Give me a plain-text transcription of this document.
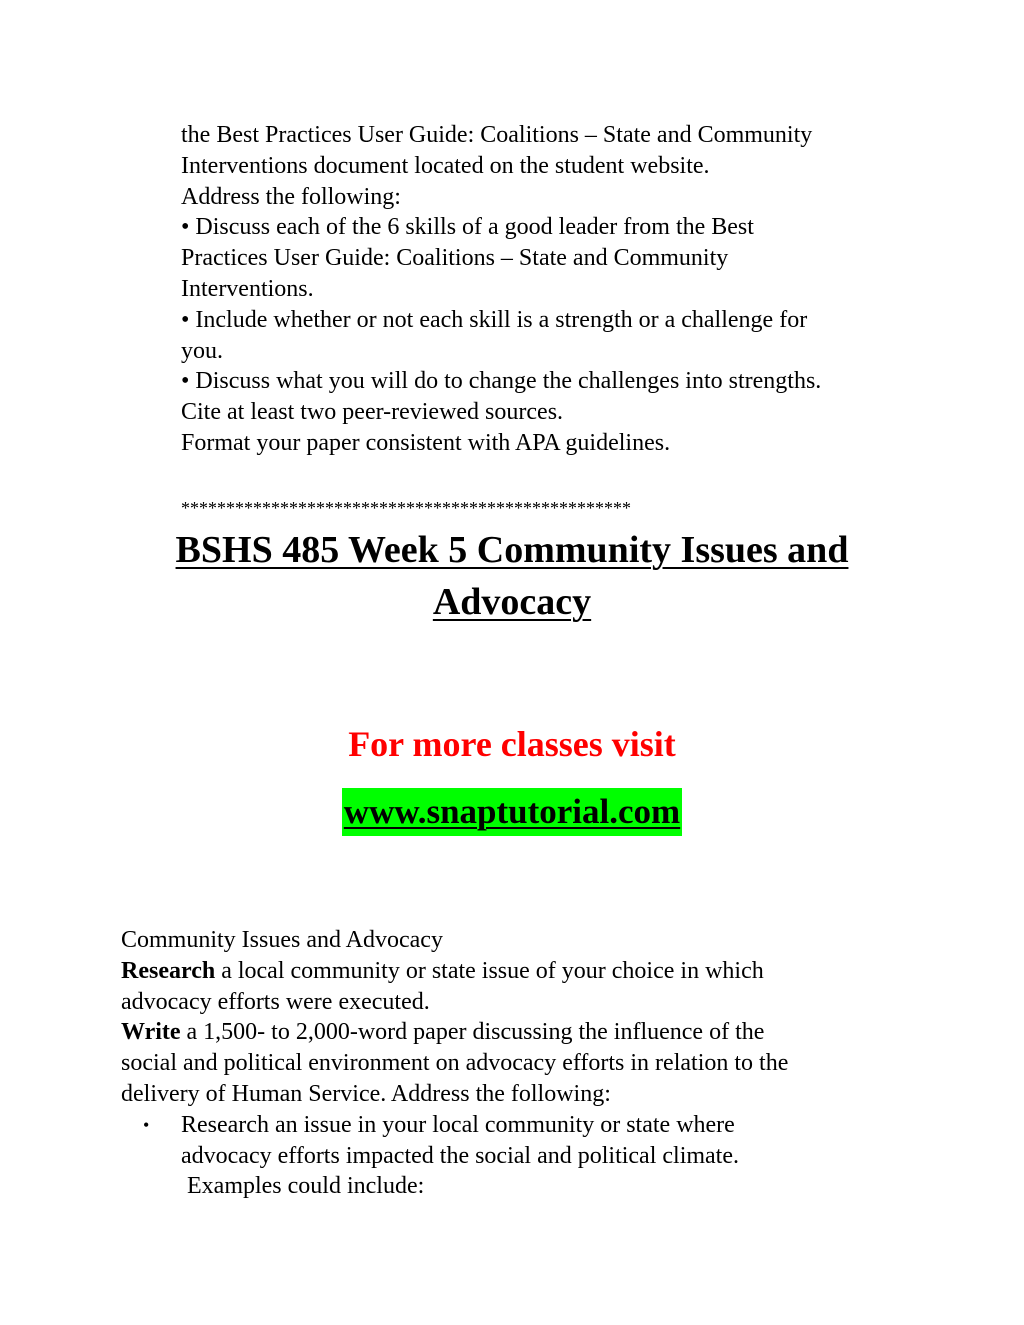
the Best Practices User Guide: Coalitions – State and Community
Interventions document located on the student website.
Address the following:
• Discuss each of the 6 skills of a good leader from the Best
Practices User Guide: Coalitions – State and Community
Interventions.
• Include whether or not each skill is a strength or a challenge for
you.
• Discuss what you will do to change the challenges into strengths.
Cite at least two peer-reviewed sources.
Format your paper consistent with APA guidelines.
**************************************************
BSHS 485 Week 5 Community Issues and
Advocacy
For more classes visit
www.snaptutorial.com
Community Issues and Advocacy
Research a local community or state issue of your choice in which
advocacy efforts were executed.
Write a 1,500- to 2,000-word paper discussing the influence of the
social and political environment on advocacy efforts in relation to the
delivery of Human Service. Address the following:
• Research an issue in your local community or state where
advocacy efforts impacted the social and political climate.
Examples could include:
